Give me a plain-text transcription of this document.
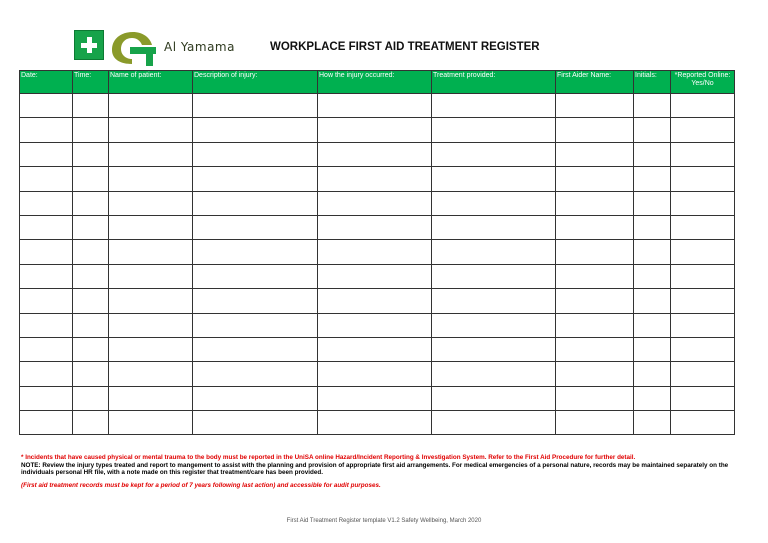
Al Yamama	WORKPLACE FIRST AID TREATMENT REGISTER
Date:	Time:	Name of patient:	Description of injury:	How the injury occurred:	Treatment provided:	First Aider Name:	Initials:	*Reported Online: Yes/No

* Incidents that have caused physical or mental trauma to the body must be reported in the UniSA online Hazard/Incident Reporting & Investigation System. Refer to the First Aid Procedure for further detail.
NOTE: Review the injury types treated and report to mangement to assist with the planning and provision of appropriate first aid arrangements. For medical emergencies of a personal nature, records may be maintained separately on the individuals personal HR file, with a note made on this register that treatment/care has been provided.
(First aid treatment records must be kept for a period of 7 years following last action) and accessible for audit purposes.
First Aid Treatment Register template V1.2 Safety Wellbeing, March 2020
